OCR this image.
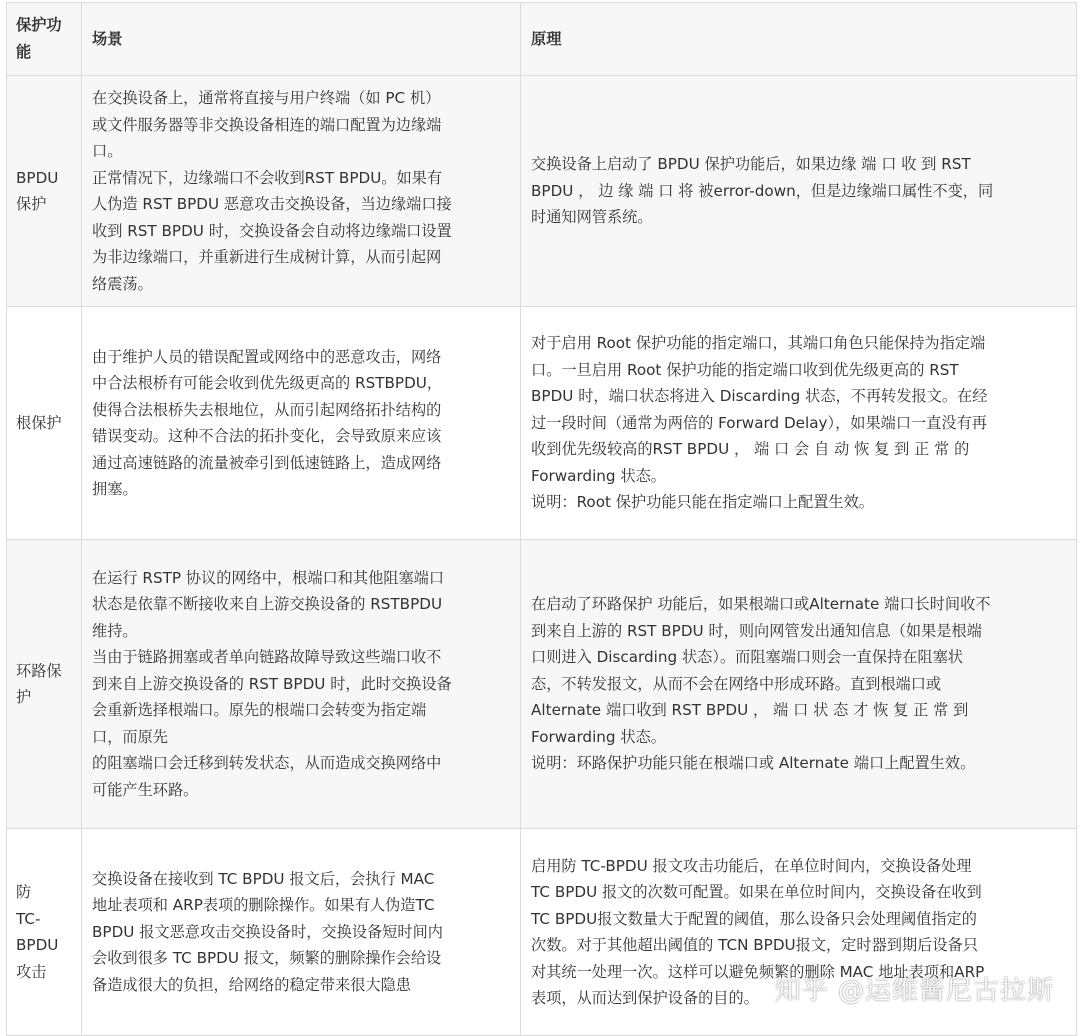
保护功
能
场景	原理
BPDU
保护
在交换设备上，通常将直接与用户终端（如 PC 机）
或文件服务器等非交换设备相连的端口配置为边缘端
口。
正常情况下，边缘端口不会收到RST BPDU。如果有
人伪造 RST BPDU 恶意攻击交换设备，当边缘端口接
收到 RST BPDU 时，交换设备会自动将边缘端口设置
为非边缘端口，并重新进行生成树计算，从而引起网
络震荡。
交换设备上启动了 BPDU 保护功能后，如果边缘 端 口 收 到 RST
BPDU ， 边 缘 端 口 将 被error-down，但是边缘端口属性不变，同
时通知网管系统。
根保护
由于维护人员的错误配置或网络中的恶意攻击，网络
中合法根桥有可能会收到优先级更高的 RSTBPDU，
使得合法根桥失去根地位，从而引起网络拓扑结构的
错误变动。这种不合法的拓扑变化，会导致原来应该
通过高速链路的流量被牵引到低速链路上，造成网络
拥塞。
对于启用 Root 保护功能的指定端口，其端口角色只能保持为指定端
口。一旦启用 Root 保护功能的指定端口收到优先级更高的 RST
BPDU 时，端口状态将进入 Discarding 状态，不再转发报文。在经
过一段时间（通常为两倍的 Forward Delay），如果端口一直没有再
收到优先级较高的RST BPDU ， 端 口 会 自 动 恢 复 到 正 常 的
Forwarding 状态。
说明：Root 保护功能只能在指定端口上配置生效。
环路保
护
在运行 RSTP 协议的网络中，根端口和其他阻塞端口
状态是依靠不断接收来自上游交换设备的 RSTBPDU
维持。
当由于链路拥塞或者单向链路故障导致这些端口收不
到来自上游交换设备的 RST BPDU 时，此时交换设备
会重新选择根端口。原先的根端口会转变为指定端
口，而原先
的阻塞端口会迁移到转发状态，从而造成交换网络中
可能产生环路。
在启动了环路保护 功能后，如果根端口或Alternate 端口长时间收不
到来自上游的 RST BPDU 时，则向网管发出通知信息（如果是根端
口则进入 Discarding 状态）。而阻塞端口则会一直保持在阻塞状
态，不转发报文，从而不会在网络中形成环路。直到根端口或
Alternate 端口收到 RST BPDU ， 端 口 状 态 才 恢 复 正 常 到
Forwarding 状态。
说明：环路保护功能只能在根端口或 Alternate 端口上配置生效。
防
TC-
BPDU
攻击
交换设备在接收到 TC BPDU 报文后，会执行 MAC
地址表项和 ARP表项的删除操作。如果有人伪造TC
BPDU 报文恶意攻击交换设备时，交换设备短时间内
会收到很多 TC BPDU 报文，频繁的删除操作会给设
备造成很大的负担，给网络的稳定带来很大隐患
启用防 TC-BPDU 报文攻击功能后，在单位时间内，交换设备处理
TC BPDU 报文的次数可配置。如果在单位时间内，交换设备在收到
TC BPDU报文数量大于配置的阈值，那么设备只会处理阈值指定的
次数。对于其他超出阈值的 TCN BPDU报文，定时器到期后设备只
对其统一处理一次。这样可以避免频繁的删除 MAC 地址表项和ARP
表项，从而达到保护设备的目的。 知乎 @运维酱尼古拉斯
